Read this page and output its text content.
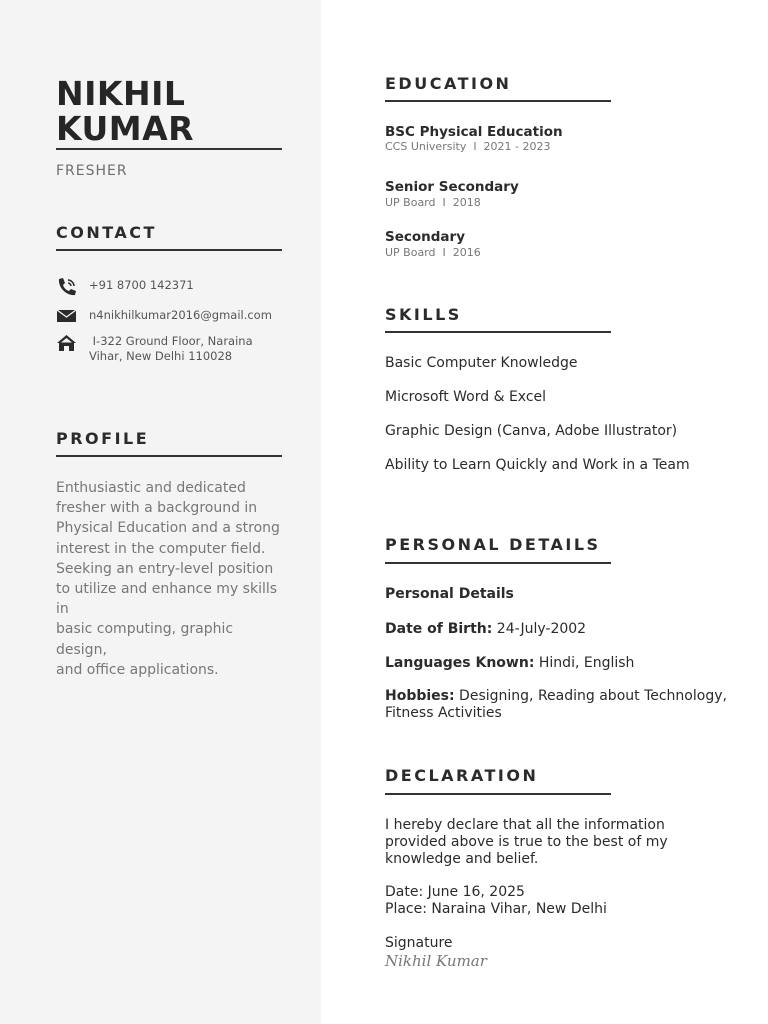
NIKHIL
KUMAR
FRESHER
CONTACT
+91 8700 142371
n4nikhilkumar2016@gmail.com
I-322 Ground Floor, Naraina
Vihar, New Delhi 110028
PROFILE
Enthusiastic and dedicated
fresher with a background in
Physical Education and a strong
interest in the computer field.
Seeking an entry-level position
to utilize and enhance my skills in
basic computing, graphic design,
and office applications.
EDUCATION
BSC Physical Education
CCS University  I  2021 - 2023
Senior Secondary
UP Board  I  2018
Secondary
UP Board  I  2016
SKILLS
Basic Computer Knowledge
Microsoft Word & Excel
Graphic Design (Canva, Adobe Illustrator)
Ability to Learn Quickly and Work in a Team
PERSONAL DETAILS
Personal Details
Date of Birth: 24-July-2002
Languages Known: Hindi, English
Hobbies: Designing, Reading about Technology, Fitness Activities
DECLARATION
I hereby declare that all the information provided above is true to the best of my knowledge and belief.
Date: June 16, 2025
Place: Naraina Vihar, New Delhi
Signature
Nikhil Kumar
